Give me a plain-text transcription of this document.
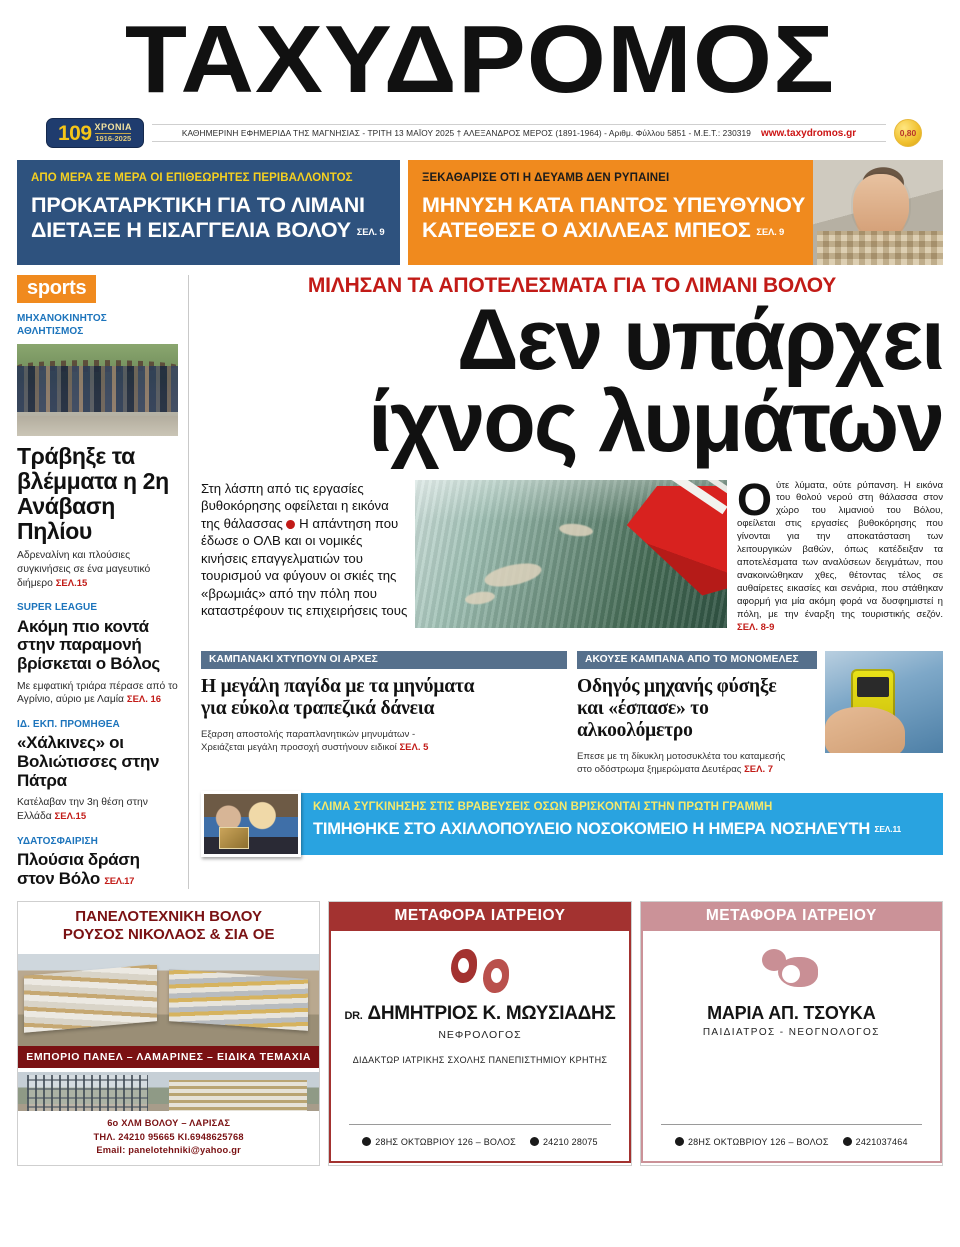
ΤΑΧΥΔΡΟΜΟΣ
109 ΧΡΟΝΙΑ
1916-2025
ΚΑΘΗΜΕΡΙΝΗ ΕΦΗΜΕΡΙΔΑ ΤΗΣ ΜΑΓΝΗΣΙΑΣ - ΤΡΙΤΗ 13 ΜΑΪΟΥ 2025 † ΑΛΕΞΑΝΔΡΟΣ ΜΕΡΟΣ (1891-1964) - Αριθμ. Φύλλου 5851 - Μ.Ε.Τ.: 230319 www.taxydromos.gr	0,80
ΑΠΟ ΜΕΡΑ ΣΕ ΜΕΡΑ ΟΙ ΕΠΙΘΕΩΡΗΤΕΣ ΠΕΡΙΒΑΛΛΟΝΤΟΣ
ΠΡΟΚΑΤΑΡΚΤΙΚΗ ΓΙΑ ΤΟ ΛΙΜΑΝΙ
ΔΙΕΤΑΞΕ Η ΕΙΣΑΓΓΕΛΙΑ ΒΟΛΟΥ ΣΕΛ. 9
ΞΕΚΑΘΑΡΙΣΕ ΟΤΙ Η ΔΕΥΑΜΒ ΔΕΝ ΡΥΠΑΙΝΕΙ
ΜΗΝΥΣΗ ΚΑΤΑ ΠΑΝΤΟΣ ΥΠΕΥΘΥΝΟΥ
ΚΑΤΕΘΕΣΕ Ο ΑΧΙΛΛΕΑΣ ΜΠΕΟΣ ΣΕΛ. 9
sports
ΜΗΧΑΝΟΚΙΝΗΤΟΣ
ΑΘΛΗΤΙΣΜΟΣ
Τράβηξε τα βλέμματα η 2η Ανάβαση Πηλίου
Αδρεναλίνη και πλούσιες συγκινήσεις σε ένα μαγευτικό διήμερο ΣΕΛ.15
SUPER LEAGUE
Ακόμη πιο κοντά στην παραμονή βρίσκεται ο Βόλος
Με εμφατική τριάρα πέρασε από το Αγρίνιο, αύριο με Λαμία ΣΕΛ. 16
ΙΔ. ΕΚΠ. ΠΡΟΜΗΘΕΑ
«Χάλκινες» οι Βολιώτισσες στην Πάτρα
Κατέλαβαν την 3η θέση στην Ελλάδα ΣΕΛ.15
ΥΔΑΤΟΣΦΑΙΡΙΣΗ
Πλούσια δράση στον Βόλο ΣΕΛ.17
ΜΙΛΗΣΑΝ ΤΑ ΑΠΟΤΕΛΕΣΜΑΤΑ ΓΙΑ ΤΟ ΛΙΜΑΝΙ ΒΟΛΟΥ
Δεν υπάρχει
ίχνος λυμάτων
Στη λάσπη από τις εργασίες βυθοκόρησης οφείλεται η εικόνα της θάλασσας Η απάντηση που έδωσε ο ΟΛΒ και οι νομικές κινήσεις επαγγελματιών του τουρισμού να φύγουν οι σκιές της «βρωμιάς» από την πόλη που καταστρέφουν τις επιχειρήσεις τους
Ούτε λύματα, ούτε ρύπανση. Η εικόνα του θολού νερού στη θάλασσα στον χώρο του λιμανιού του Βόλου, οφείλεται στις εργασίες βυθοκόρησης που γίνονται για την αποκατάσταση των λειτουργικών βαθών, όπως κατέδειξαν τα αποτελέσματα των αναλύσεων δειγμάτων, που ανακοινώθηκαν χθες, θέτοντας τέλος σε αυθαίρετες εικασίες και σενάρια, που στάθηκαν αφορμή για μία ακόμη φορά να δυσφημιστεί η πόλη, με την έναρξη της τουριστικής σεζόν. ΣΕΛ. 8-9
ΚΑΜΠΑΝΑΚΙ ΧΤΥΠΟΥΝ ΟΙ ΑΡΧΕΣ
Η μεγάλη παγίδα με τα μηνύματα
για εύκολα τραπεζικά δάνεια
Εξαρση αποστολής παραπλανητικών μηνυμάτων -
Χρειάζεται μεγάλη προσοχή συστήνουν ειδικοί ΣΕΛ. 5
ΑΚΟΥΣΕ ΚΑΜΠΑΝΑ ΑΠΟ ΤΟ ΜΟΝΟΜΕΛΕΣ
Οδηγός μηχανής φύσηξε
και «έσπασε» το αλκοολόμετρο
Επεσε με τη δίκυκλη μοτοσυκλέτα του καταμεσής
στο οδόστρωμα ξημερώματα Δευτέρας ΣΕΛ. 7
ΚΛΙΜΑ ΣΥΓΚΙΝΗΣΗΣ ΣΤΙΣ ΒΡΑΒΕΥΣΕΙΣ ΟΣΩΝ ΒΡΙΣΚΟΝΤΑΙ ΣΤΗΝ ΠΡΩΤΗ ΓΡΑΜΜΗ
ΤΙΜΗΘΗΚΕ ΣΤΟ ΑΧΙΛΛΟΠΟΥΛΕΙΟ ΝΟΣΟΚΟΜΕΙΟ Η ΗΜΕΡΑ ΝΟΣΗΛΕΥΤΗ ΣΕΛ.11
ΠΑΝΕΛΟΤΕΧΝΙΚΗ ΒΟΛΟΥ
ΡΟΥΣΟΣ ΝΙΚΟΛΑΟΣ & ΣΙΑ ΟΕ
ΕΜΠΟΡΙΟ ΠΑΝΕΛ – ΛΑΜΑΡΙΝΕΣ – ΕΙΔΙΚΑ ΤΕΜΑΧΙΑ
6ο ΧΛΜ ΒΟΛΟΥ – ΛΑΡΙΣΑΣ
ΤΗΛ. 24210 95665 ΚΙ.6948625768
Email: panelotehniki@yahoo.gr
ΜΕΤΑΦΟΡΑ ΙΑΤΡΕΙΟΥ
DR. ΔΗΜΗΤΡΙΟΣ Κ. ΜΩΥΣΙΑΔΗΣ
ΝΕΦΡΟΛΟΓΟΣ
ΔΙΔΑΚΤΩΡ ΙΑΤΡΙΚΗΣ ΣΧΟΛΗΣ ΠΑΝΕΠΙΣΤΗΜΙΟΥ ΚΡΗΤΗΣ
28ΗΣ ΟΚΤΩΒΡΙΟΥ 126 – ΒΟΛΟΣ	24210 28075
ΜΕΤΑΦΟΡΑ ΙΑΤΡΕΙΟΥ
ΜΑΡΙΑ ΑΠ. ΤΣΟΥΚΑ
ΠΑΙΔΙΑΤΡΟΣ - ΝΕΟΓΝΟΛΟΓΟΣ
28ΗΣ ΟΚΤΩΒΡΙΟΥ 126 – ΒΟΛΟΣ	2421037464
